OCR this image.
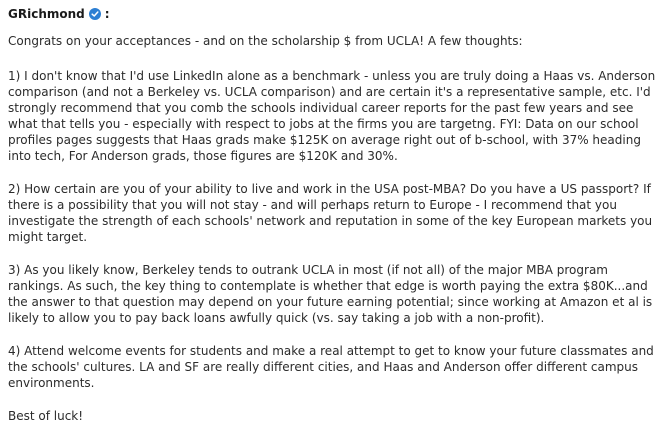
GRichmond :

Congrats on your acceptances - and on the scholarship $ from UCLA! A few thoughts:

1) I don't know that I'd use LinkedIn alone as a benchmark - unless you are truly doing a Haas vs. Anderson comparison (and not a Berkeley vs. UCLA comparison) and are certain it's a representative sample, etc. I'd strongly recommend that you comb the schools individual career reports for the past few years and see what that tells you - especially with respect to jobs at the firms you are targetng. FYI: Data on our school profiles pages suggests that Haas grads make $125K on average right out of b-school, with 37% heading into tech, For Anderson grads, those figures are $120K and 30%.

2) How certain are you of your ability to live and work in the USA post-MBA? Do you have a US passport? If there is a possibility that you will not stay - and will perhaps return to Europe - I recommend that you investigate the strength of each schools' network and reputation in some of the key European markets you might target.

3) As you likely know, Berkeley tends to outrank UCLA in most (if not all) of the major MBA program rankings. As such, the key thing to contemplate is whether that edge is worth paying the extra $80K...and the answer to that question may depend on your future earning potential; since working at Amazon et al is likely to allow you to pay back loans awfully quick (vs. say taking a job with a non-profit).

4) Attend welcome events for students and make a real attempt to get to know your future classmates and the schools' cultures. LA and SF are really different cities, and Haas and Anderson offer different campus environments.

Best of luck!
